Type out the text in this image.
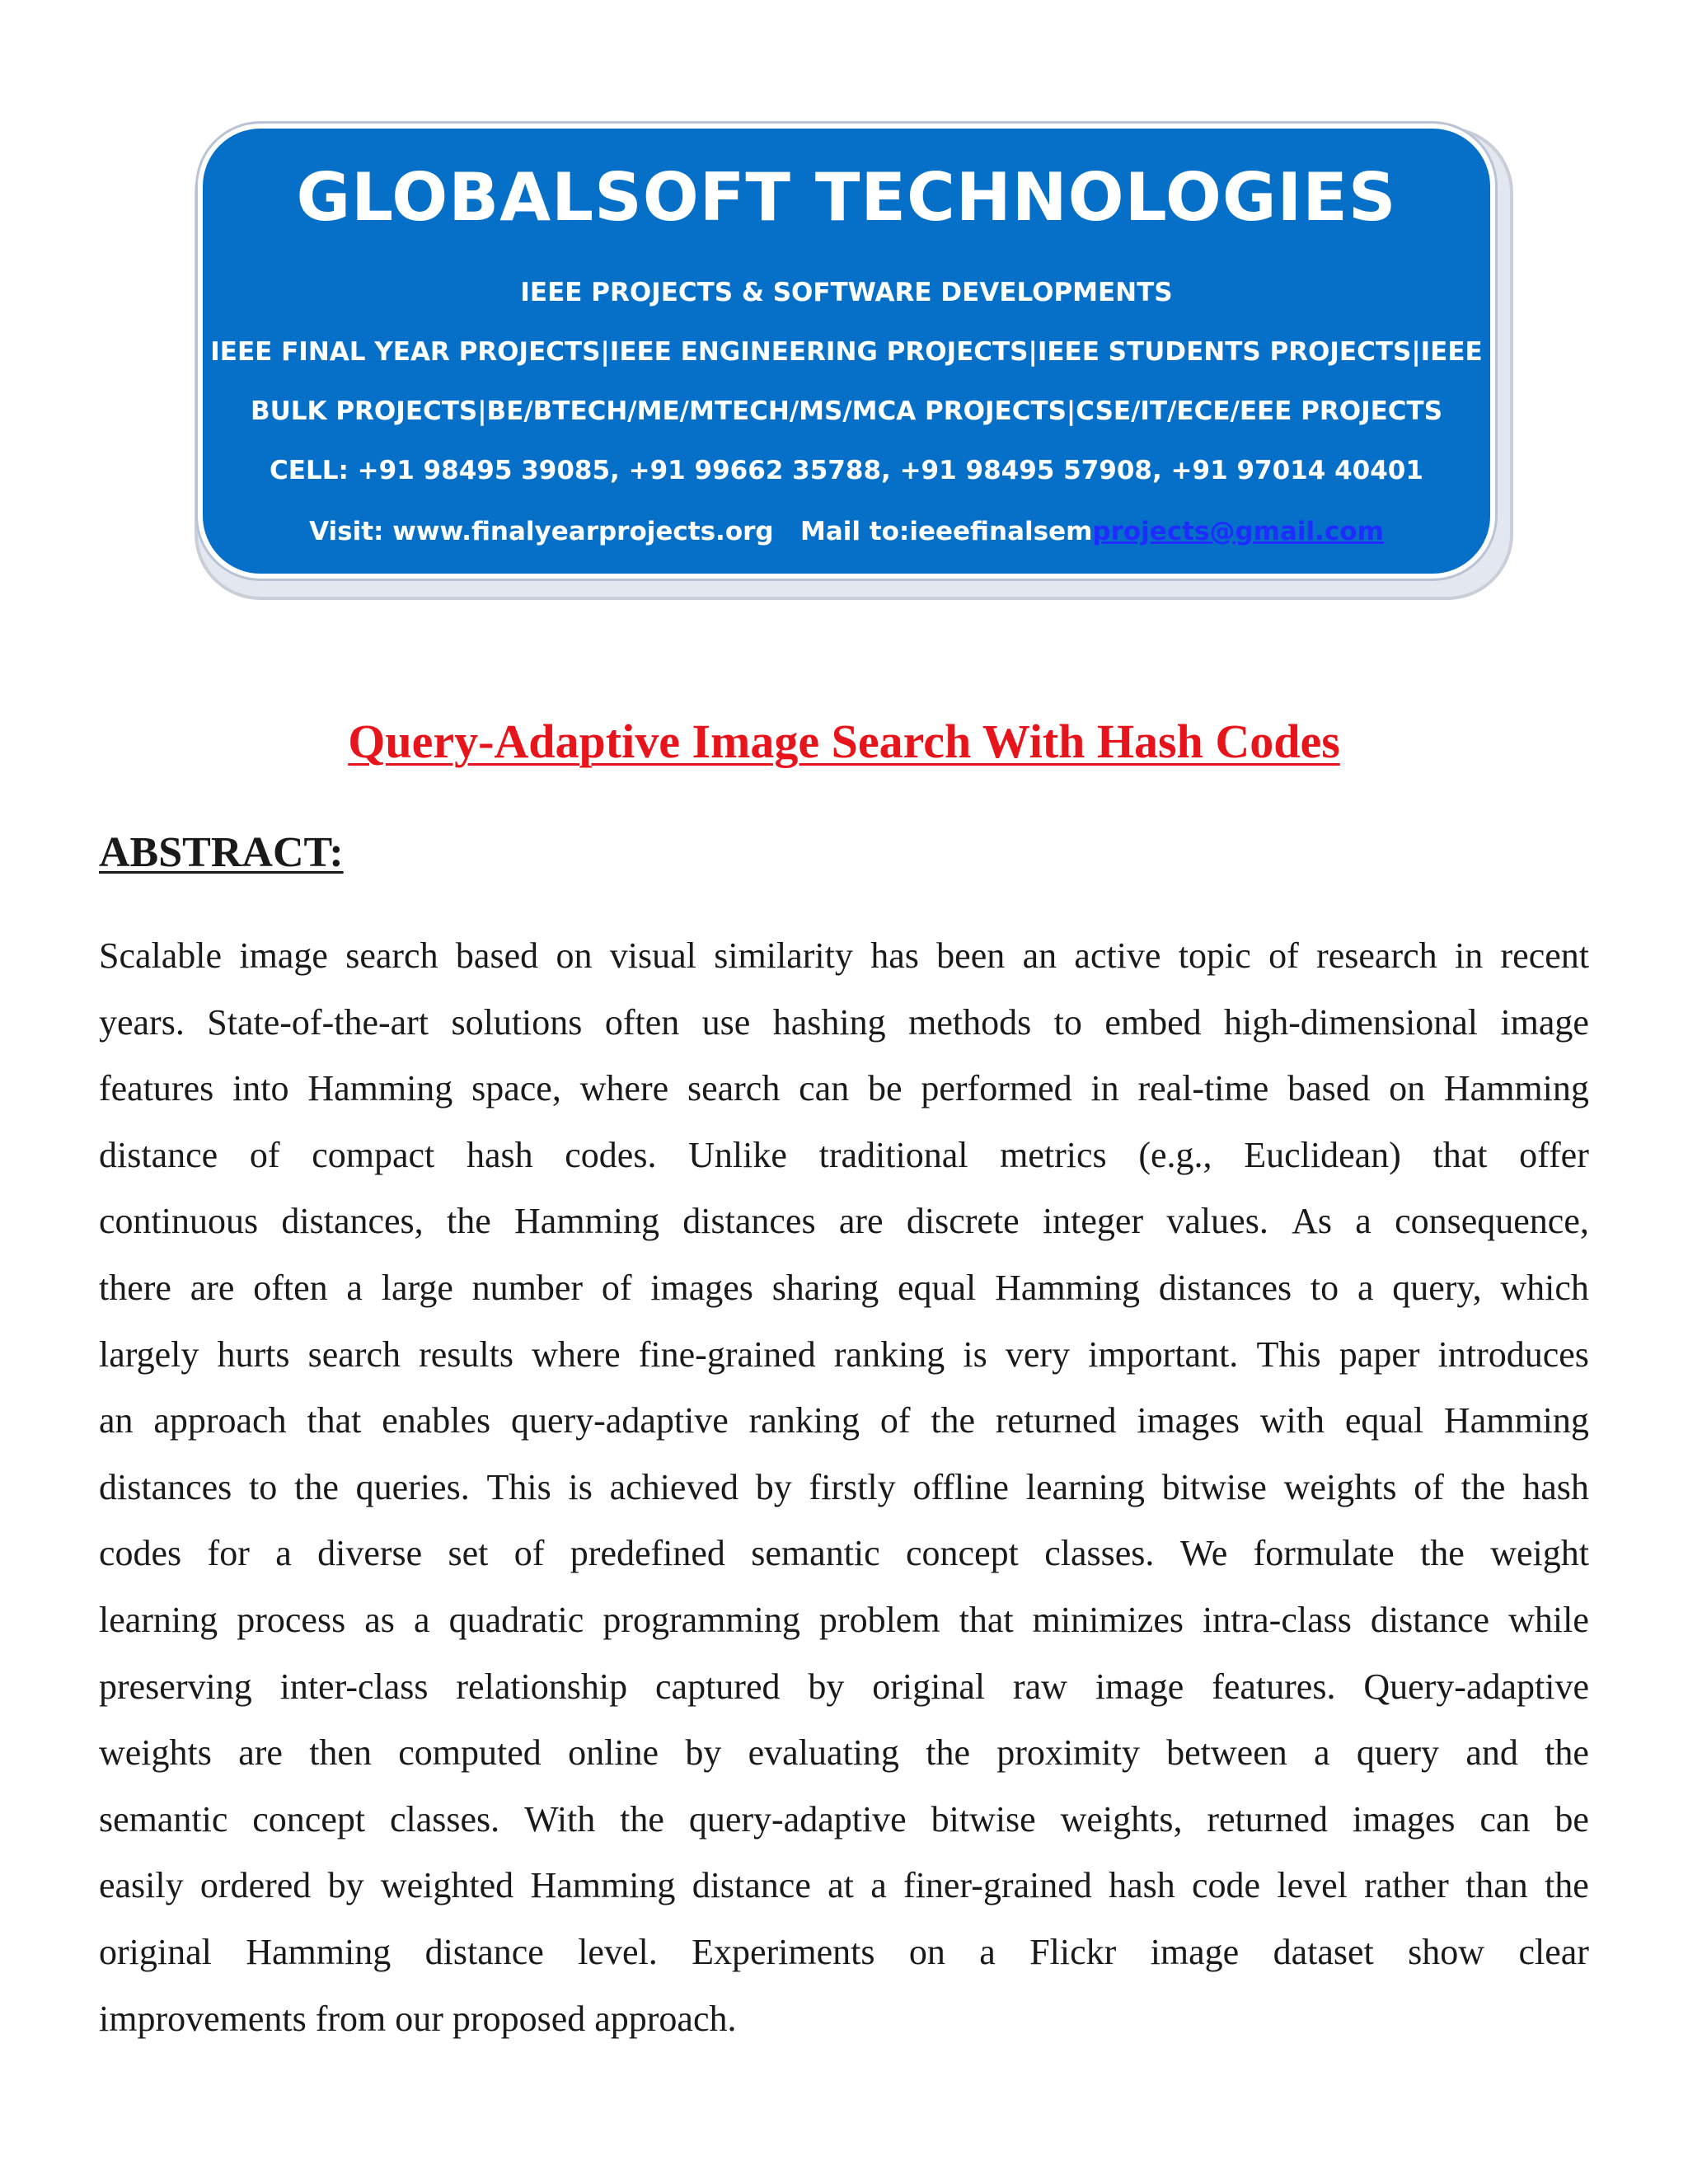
GLOBALSOFT TECHNOLOGIES
IEEE PROJECTS & SOFTWARE DEVELOPMENTS
IEEE FINAL YEAR PROJECTS|IEEE ENGINEERING PROJECTS|IEEE STUDENTS PROJECTS|IEEE
BULK PROJECTS|BE/BTECH/ME/MTECH/MS/MCA PROJECTS|CSE/IT/ECE/EEE PROJECTS
CELL: +91 98495 39085, +91 99662 35788, +91 98495 57908, +91 97014 40401
Visit: www.finalyearprojects.org Mail to:ieeefinalsemprojects@gmail.com
Query-Adaptive Image Search With Hash Codes
ABSTRACT:
Scalable image search based on visual similarity has been an active topic of research in recent
years. State-of-the-art solutions often use hashing methods to embed high-dimensional image
features into Hamming space, where search can be performed in real-time based on Hamming
distance of compact hash codes. Unlike traditional metrics (e.g., Euclidean) that offer
continuous distances, the Hamming distances are discrete integer values. As a consequence,
there are often a large number of images sharing equal Hamming distances to a query, which
largely hurts search results where fine-grained ranking is very important. This paper introduces
an approach that enables query-adaptive ranking of the returned images with equal Hamming
distances to the queries. This is achieved by firstly offline learning bitwise weights of the hash
codes for a diverse set of predefined semantic concept classes. We formulate the weight
learning process as a quadratic programming problem that minimizes intra-class distance while
preserving inter-class relationship captured by original raw image features. Query-adaptive
weights are then computed online by evaluating the proximity between a query and the
semantic concept classes. With the query-adaptive bitwise weights, returned images can be
easily ordered by weighted Hamming distance at a finer-grained hash code level rather than the
original Hamming distance level. Experiments on a Flickr image dataset show clear
improvements from our proposed approach.
